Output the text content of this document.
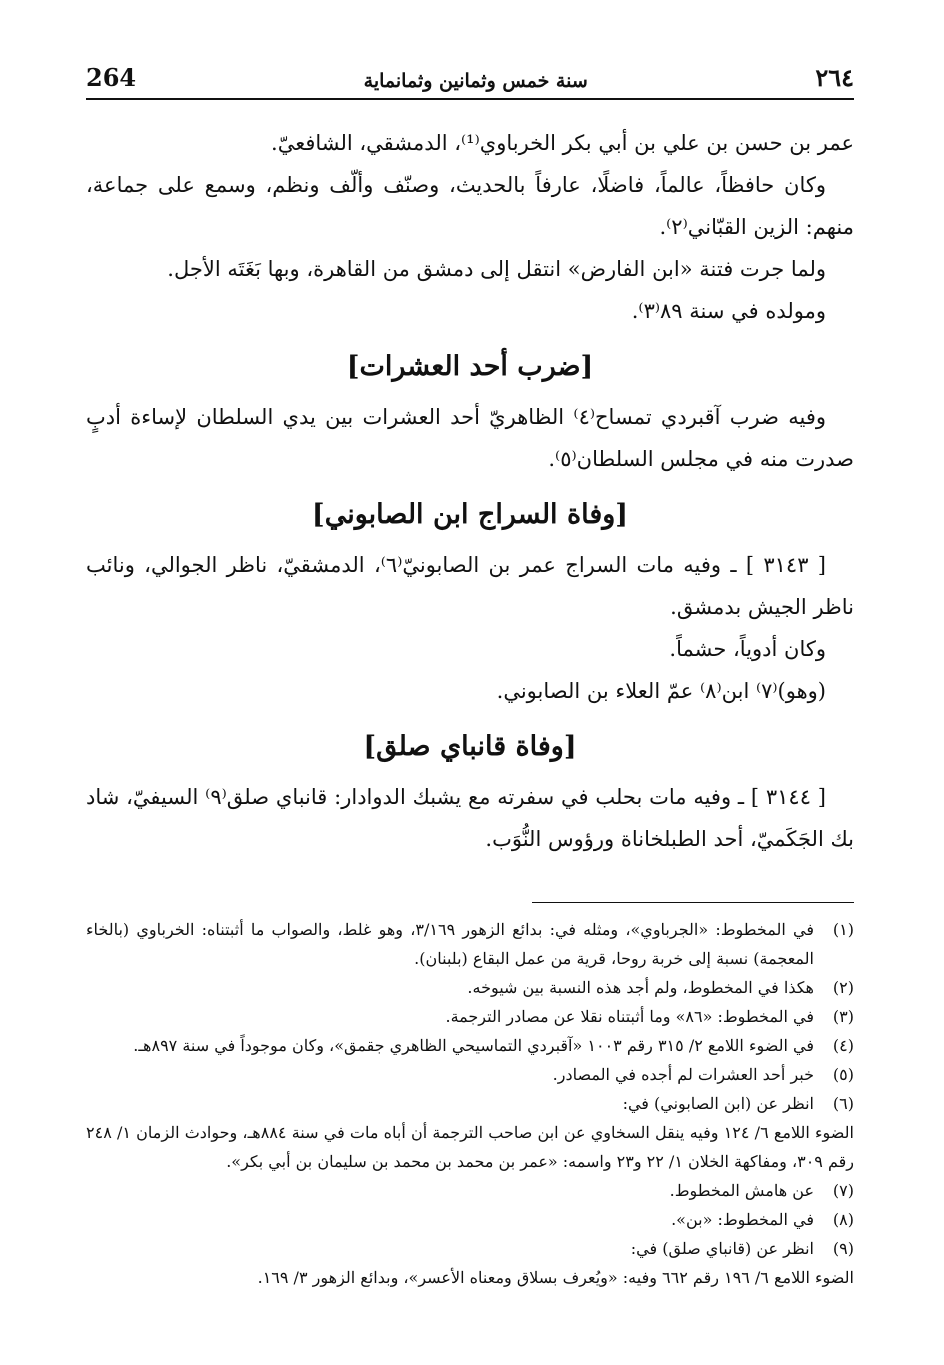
264	سنة خمس وثمانين وثمانماية	٢٦٤

عمر بن حسن بن علي بن أبي بكر الخرباوي⁽¹⁾، الدمشقي، الشافعيّ.

وكان حافظاً، عالماً، فاضلًا، عارفاً بالحديث، وصنّف وألّف ونظم، وسمع على جماعة، منهم: الزين القبّاني⁽٢⁾.

ولما جرت فتنة «ابن الفارض» انتقل إلى دمشق من القاهرة، وبها بَغَتَه الأجل.

ومولده في سنة ٨٩⁽٣⁾.

[ضرب أحد العشرات]

وفيه ضرب آقبردي تمساح⁽٤⁾ الظاهريّ أحد العشرات بين يدي السلطان لإساءة أدبٍ صدرت منه في مجلس السلطان⁽٥⁾.

[وفاة السراج ابن الصابوني]

[ ٣١٤٣ ] ـ وفيه مات السراج عمر بن الصابونيّ⁽٦⁾، الدمشقيّ، ناظر الجوالي، ونائب ناظر الجيش بدمشق.

وكان أدوياً، حشماً.

(وهو)⁽٧⁾ ابن⁽٨⁾ عمّ العلاء بن الصابوني.

[وفاة قانباي صلق]

[ ٣١٤٤ ] ـ وفيه مات بحلب في سفرته مع يشبك الدوادار: قانباي صلق⁽٩⁾ السيفيّ، شاد بك الجَكَميّ، أحد الطبلخاناة ورؤوس النُّوَب.

(١)
في المخطوط: «الجرباوي»، ومثله في: بدائع الزهور ٣/١٦٩، وهو غلط، والصواب ما أثبتناه: الخرباوي (بالخاء المعجمة) نسبة إلى خربة روحا، قرية من عمل البقاع (بلبنان).
(٢)
هكذا في المخطوط، ولم أجد هذه النسبة بين شيوخه.
(٣)
في المخطوط: «٨٦» وما أثبتناه نقلا عن مصادر الترجمة.
(٤)
في الضوء اللامع ٢/ ٣١٥ رقم ١٠٠٣ «آقبردي التماسيحي الظاهري جقمق»، وكان موجوداً في سنة ٨٩٧هـ.
(٥)
خبر أحد العشرات لم أجده في المصادر.
(٦)
انظر عن (ابن الصابوني) في:
الضوء اللامع ٦/ ١٢٤ وفيه ينقل السخاوي عن ابن صاحب الترجمة أن أباه مات في سنة ٨٨٤هـ، وحوادث الزمان ١/ ٢٤٨ رقم ٣٠٩، ومفاكهة الخلان ١/ ٢٢ و٢٣ واسمه: «عمر بن محمد بن محمد بن سليمان بن أبي بكر».
(٧)
عن هامش المخطوط.
(٨)
في المخطوط: «بن».
(٩)
انظر عن (قانباي صلق) في:
الضوء اللامع ٦/ ١٩٦ رقم ٦٦٢ وفيه: «ويُعرف بسلاق ومعناه الأعسر»، وبدائع الزهور ٣/ ١٦٩.
